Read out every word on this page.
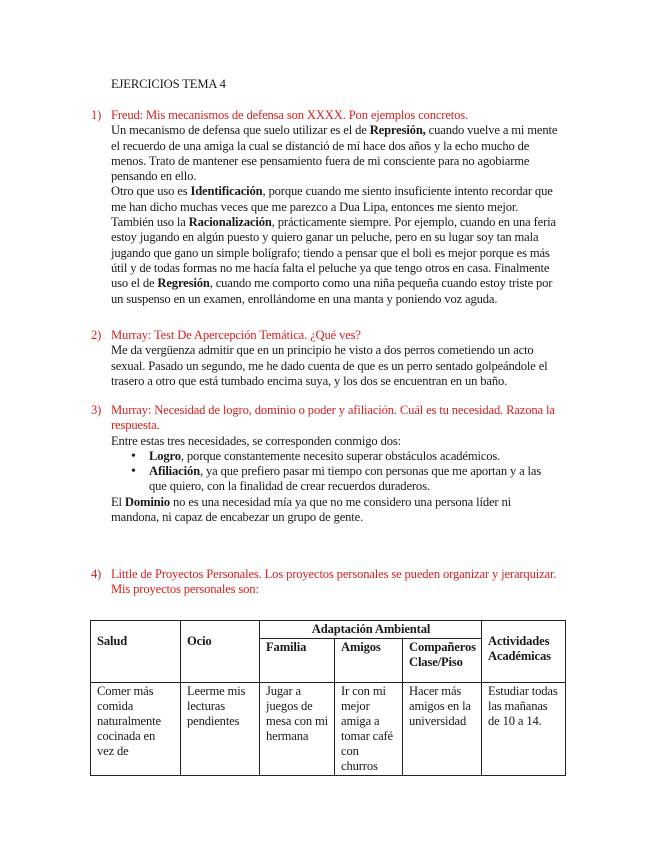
EJERCICIOS TEMA 4
1) Freud: Mis mecanismos de defensa son XXXX. Pon ejemplos concretos.

Un mecanismo de defensa que suelo utilizar es el de Represión, cuando vuelve a mi mente el recuerdo de una amiga la cual se distanció de mí hace dos años y la echo mucho de menos. Trato de mantener ese pensamiento fuera de mi consciente para no agobiarme pensando en ello.

Otro que uso es Identificación, porque cuando me siento insuficiente intento recordar que me han dicho muchas veces que me parezco a Dua Lipa, entonces me siento mejor. También uso la Racionalización, prácticamente siempre. Por ejemplo, cuando en una feria estoy jugando en algún puesto y quiero ganar un peluche, pero en su lugar soy tan mala jugando que gano un simple bolígrafo; tiendo a pensar que el boli es mejor porque es más útil y de todas formas no me hacía falta el peluche ya que tengo otros en casa. Finalmente uso el de Regresión, cuando me comporto como una niña pequeña cuando estoy triste por un suspenso en un examen, enrollándome en una manta y poniendo voz aguda.

2) Murray: Test De Apercepción Temática. ¿Qué ves?

Me da vergüenza admitir que en un principio he visto a dos perros cometiendo un acto sexual. Pasado un segundo, me he dado cuenta de que es un perro sentado golpeándole el trasero a otro que está tumbado encima suya, y los dos se encuentran en un baño.

3) Murray: Necesidad de logro, dominio o poder y afiliación. Cuál es tu necesidad. Razona la respuesta.

Entre estas tres necesidades, se corresponden conmigo dos:

• Logro, porque constantemente necesito superar obstáculos académicos.
• Afiliación, ya que prefiero pasar mi tiempo con personas que me aportan y a las que quiero, con la finalidad de crear recuerdos duraderos.

El Dominio no es una necesidad mía ya que no me considero una persona líder ni mandona, ni capaz de encabezar un grupo de gente.

4) Little de Proyectos Personales. Los proyectos personales se pueden organizar y jerarquizar. Mis proyectos personales son:
Salud	Ocio	Adaptación Ambiental			Actividades Académicas
		Familia	Amigos	Compañeros Clase/Piso	
Comer más comida naturalmente cocinada en vez de	Leerme mis lecturas pendientes	Jugar a juegos de mesa con mi hermana	Ir con mi mejor amiga a tomar café con churros	Hacer más amigos en la universidad	Estudiar todas las mañanas de 10 a 14.
